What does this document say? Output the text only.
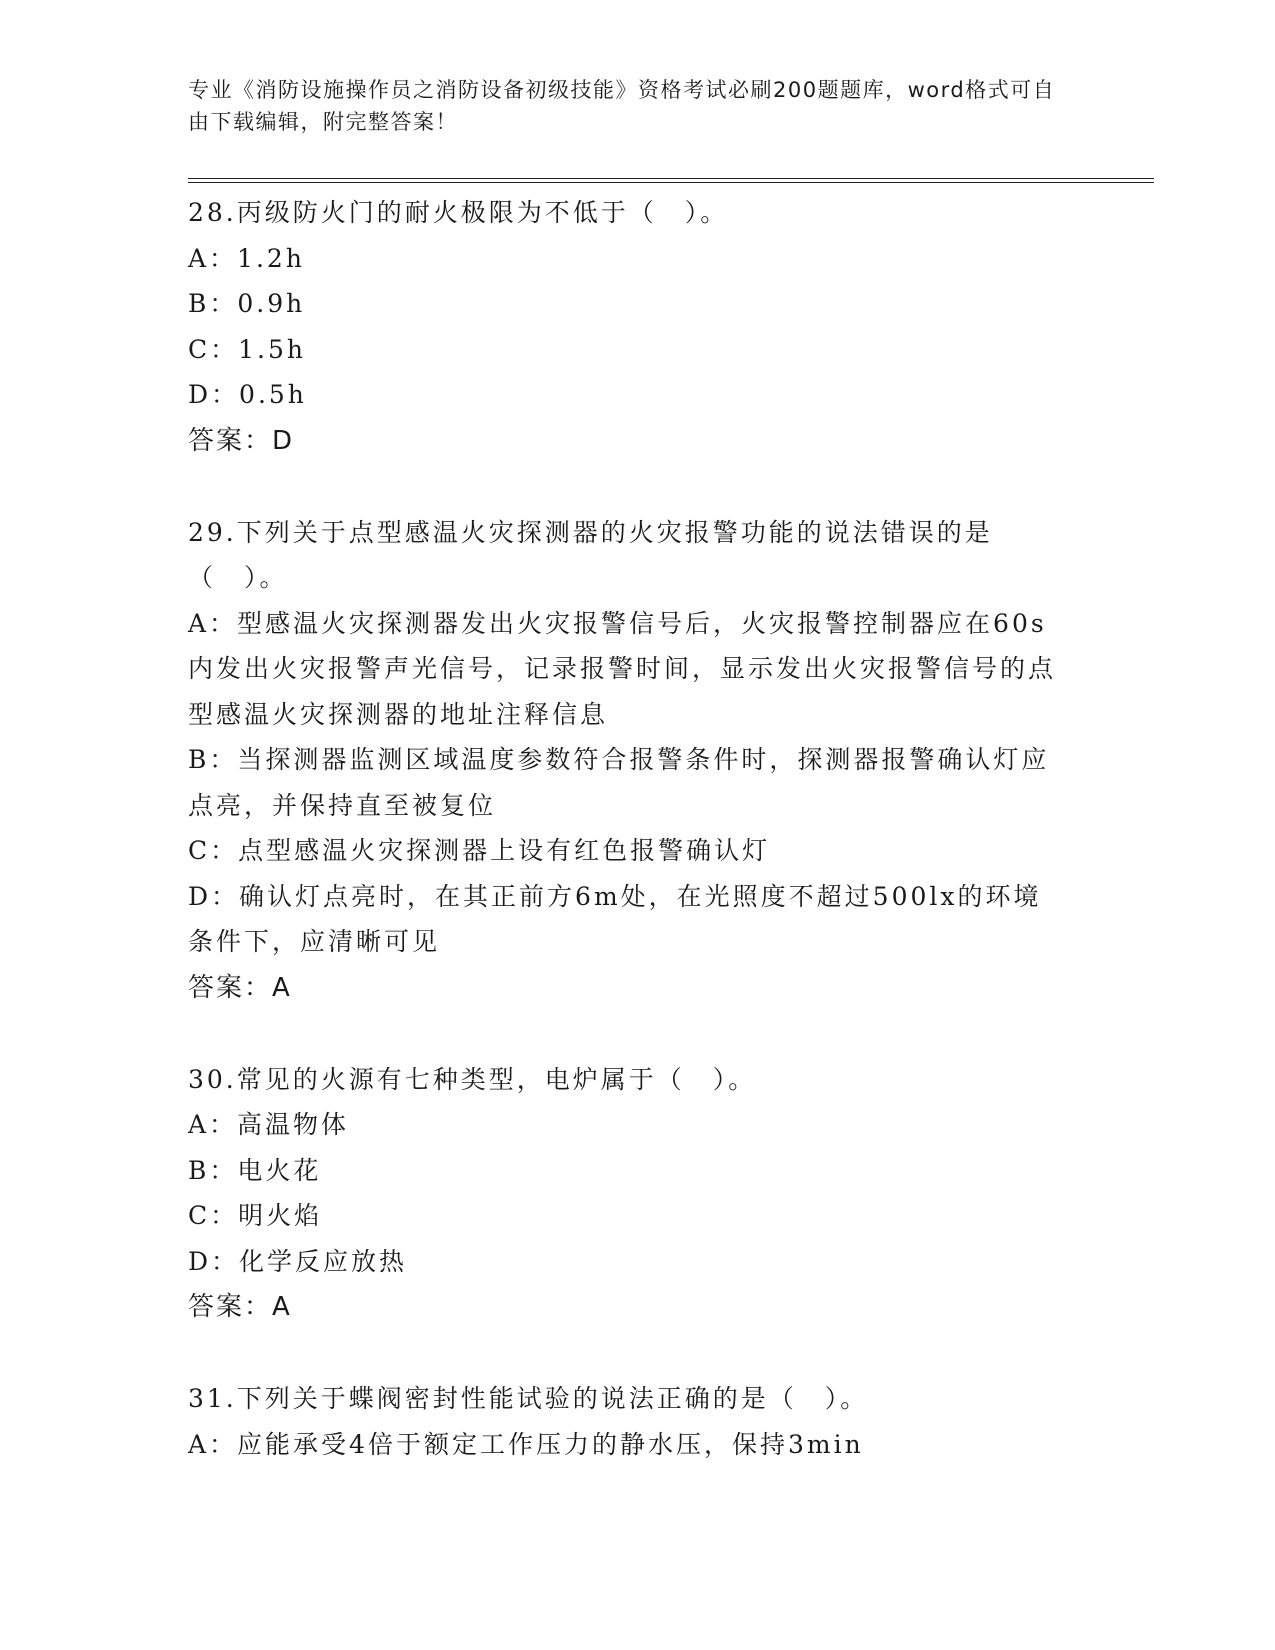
专业《消防设施操作员之消防设备初级技能》资格考试必刷200题题库，word格式可自由下载编辑，附完整答案！
28.丙级防火门的耐火极限为不低于（　）。
A：1.2h
B：0.9h
C：1.5h
D：0.5h
答案：D
29.下列关于点型感温火灾探测器的火灾报警功能的说法错误的是（　）。
A：型感温火灾探测器发出火灾报警信号后，火灾报警控制器应在60s内发出火灾报警声光信号，记录报警时间，显示发出火灾报警信号的点型感温火灾探测器的地址注释信息
B：当探测器监测区域温度参数符合报警条件时，探测器报警确认灯应点亮，并保持直至被复位
C：点型感温火灾探测器上设有红色报警确认灯
D：确认灯点亮时，在其正前方6m处，在光照度不超过500lx的环境条件下，应清晰可见
答案：A
30.常见的火源有七种类型，电炉属于（　）。
A：高温物体
B：电火花
C：明火焰
D：化学反应放热
答案：A
31.下列关于蝶阀密封性能试验的说法正确的是（　）。
A：应能承受4倍于额定工作压力的静水压，保持3min
